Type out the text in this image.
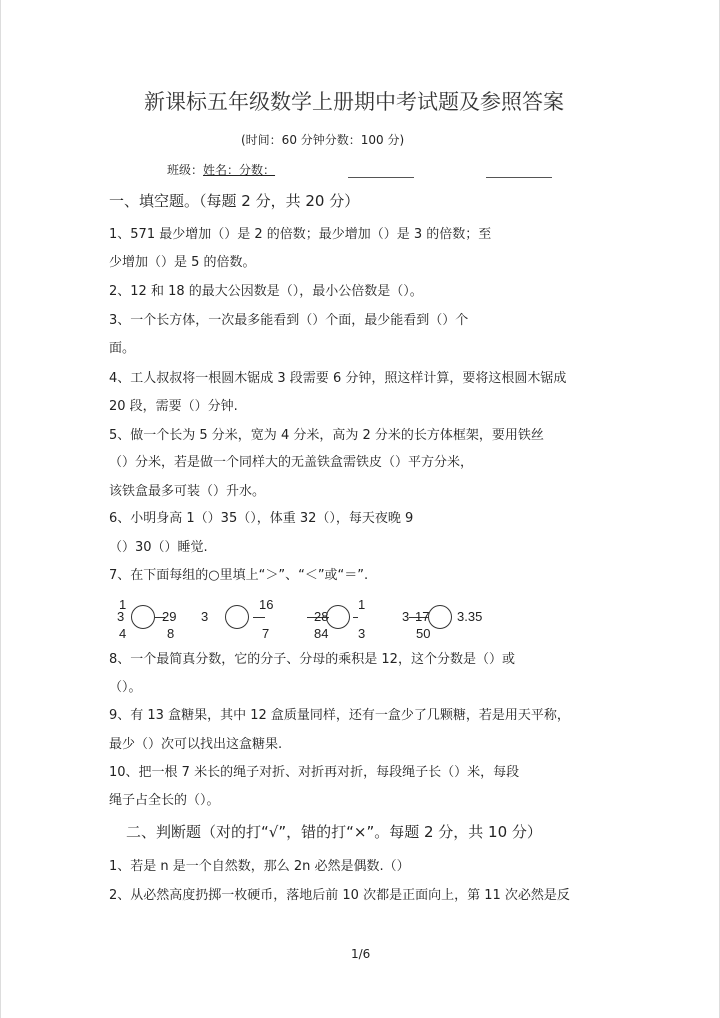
新课标五年级数学上册期中考试题及参照答案
(时间：60 分钟分数：100 分)
班级：姓名：分数：
一、填空题。（每题 2 分，共 20 分）
1、571 最少增加（）是 2 的倍数；最少增加（）是 3 的倍数；至
少增加（）是 5 的倍数。
2、12 和 18 的最大公因数是（），最小公倍数是（）。
3、一个长方体，一次最多能看到（）个面，最少能看到（）个
面。
4、工人叔叔将一根圆木锯成 3 段需要 6 分钟，照这样计算，要将这根圆木锯成
20 段，需要（）分钟.
5、做一个长为 5 分米，宽为 4 分米，高为 2 分米的长方体框架，要用铁丝
（）分米，若是做一个同样大的无盖铁盒需铁皮（）平方分米，
该铁盒最多可装（）升水。
6、小明身高 1（）35（），体重 32（），每天夜晚 9
（）30（）睡觉.
7、在下面每组的○里填上“＞”、“＜”或“＝”.
1
3
4
29
8
3
16
7
28
84
1
3
3 17
50
3.35
8、一个最简真分数，它的分子、分母的乘积是 12，这个分数是（）或
（）。
9、有 13 盒糖果，其中 12 盒质量同样，还有一盒少了几颗糖，若是用天平称，
最少（）次可以找出这盒糖果.
10、把一根 7 米长的绳子对折、对折再对折，每段绳子长（）米，每段
绳子占全长的（）。
二、判断题（对的打“√”，错的打“×”。每题 2 分，共 10 分）
1、若是 n 是一个自然数，那么 2n 必然是偶数.（）
2、从必然高度扔掷一枚硬币，落地后前 10 次都是正面向上，第 11 次必然是反
1/6
